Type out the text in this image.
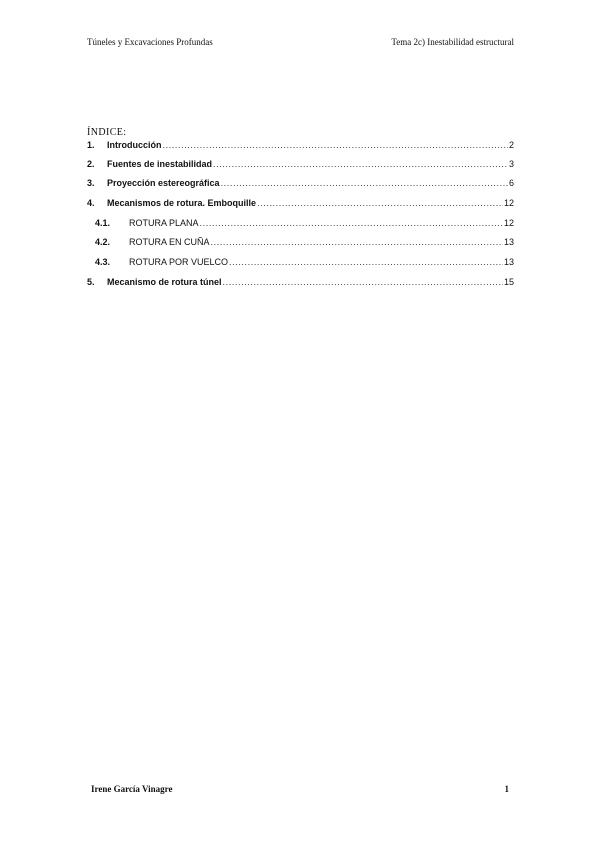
Túneles y Excavaciones Profundas	Tema 2c) Inestabilidad estructural
ÍNDICE:
1.	Introducción .....	2
2.	Fuentes de inestabilidad .....	3
3.	Proyección estereográfica .....	6
4.	Mecanismos de rotura. Emboquille .....	12
4.1.	ROTURA PLANA .....	12
4.2.	ROTURA EN CUÑA .....	13
4.3.	ROTURA POR VUELCO .....	13
5.	Mecanismo de rotura túnel .....	15
Irene García Vinagre	1
